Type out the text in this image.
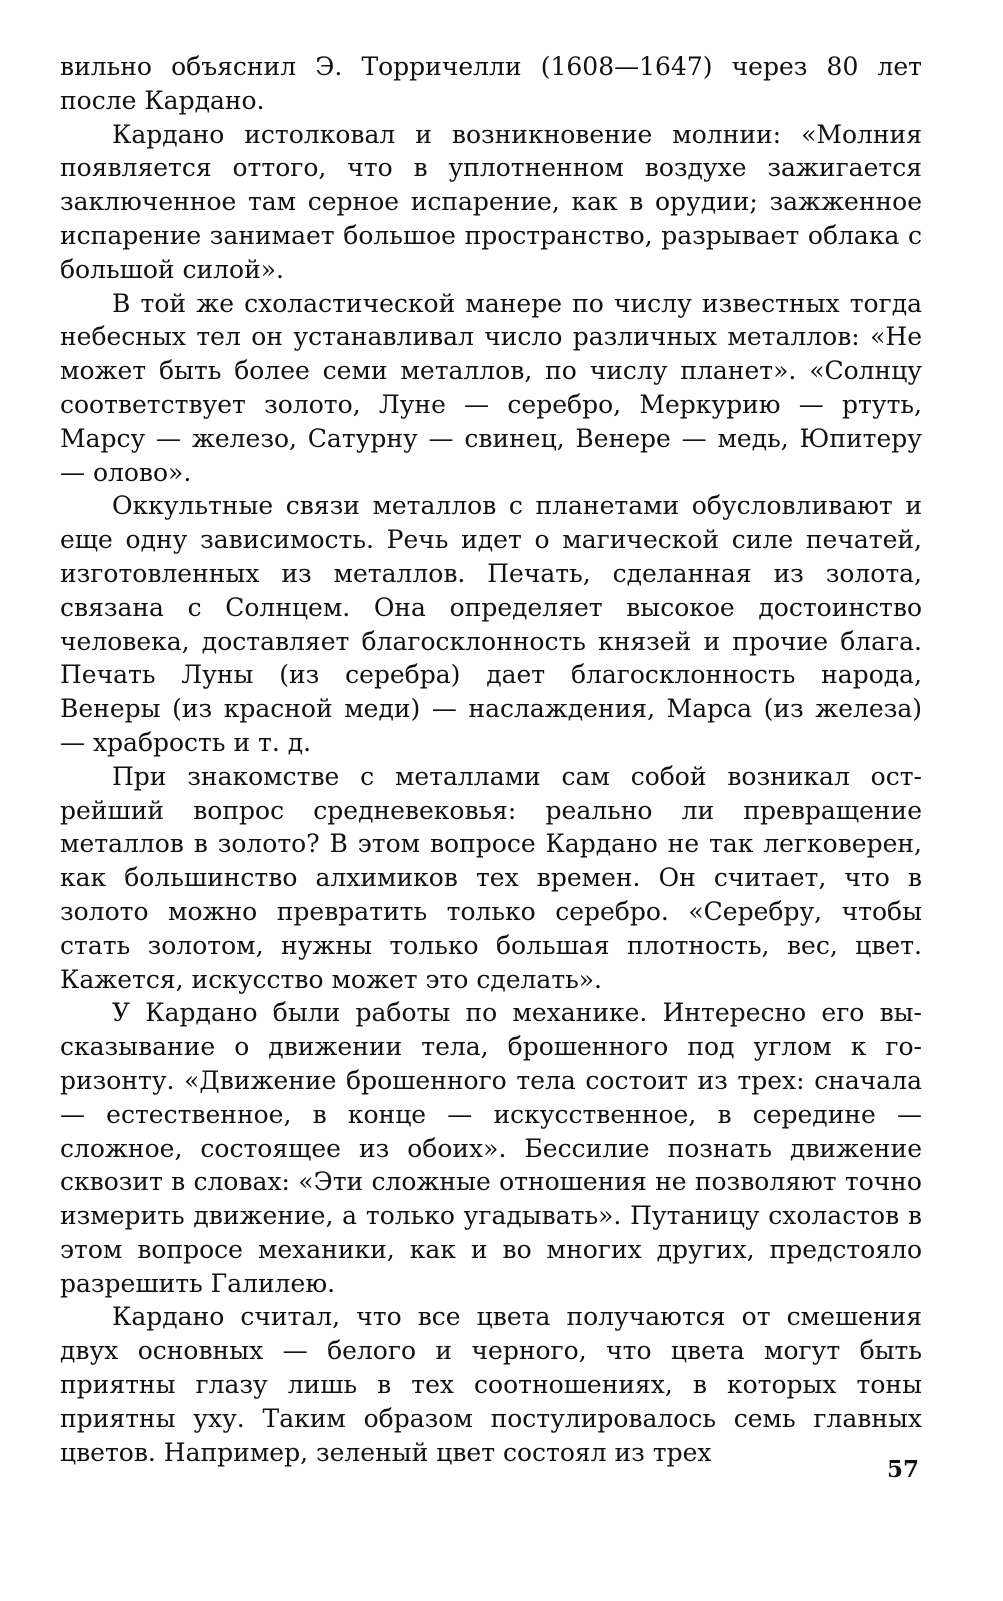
вильно объяснил Э. Торричелли (1608—1647) через 80 лет после Кардано.

Кардано истолковал и возникновение молнии: «Молния появляется оттого, что в уплотненном воздухе зажигается заключенное там серное испарение, как в орудии; зажженное испарение занимает большое пространство, разрывает облака с большой силой».

В той же схоластической манере по числу известных тогда небесных тел он устанавливал число различных металлов: «Не может быть более семи металлов, по числу планет». «Солнцу соответствует золото, Луне — серебро, Меркурию — ртуть, Марсу — железо, Сатурну — свинец, Венере — медь, Юпитеру — олово».

Оккультные связи металлов с планетами обусловливают и еще одну зависимость. Речь идет о магической силе печатей, изготовленных из металлов. Печать, сделанная из золота, связана с Солнцем. Она определяет высокое достоинство человека, доставляет благосклонность князей и прочие блага. Печать Луны (из серебра) дает благосклонность народа, Венеры (из красной меди) — наслаждения, Марса (из железа) — храбрость и т. д.

При знакомстве с металлами сам собой возникал острейший вопрос средневековья: реально ли превращение металлов в золото? В этом вопросе Кардано не так легковерен, как большинство алхимиков тех времен. Он считает, что в золото можно превратить только серебро. «Серебру, чтобы стать золотом, нужны только большая плотность, вес, цвет. Кажется, искусство может это сделать».

У Кардано были работы по механике. Интересно его высказывание о движении тела, брошенного под углом к горизонту. «Движение брошенного тела состоит из трех: сначала — естественное, в конце — искусственное, в середине — сложное, состоящее из обоих». Бессилие познать движение сквозит в словах: «Эти сложные отношения не позволяют точно измерить движение, а только угадывать». Путаницу схоластов в этом вопросе механики, как и во многих других, предстояло разрешить Галилею.

Кардано считал, что все цвета получаются от смешения двух основных — белого и черного, что цвета могут быть приятны глазу лишь в тех соотношениях, в которых тоны приятны уху. Таким образом постулировалось семь главных цветов. Например, зеленый цвет состоял из трех

57
